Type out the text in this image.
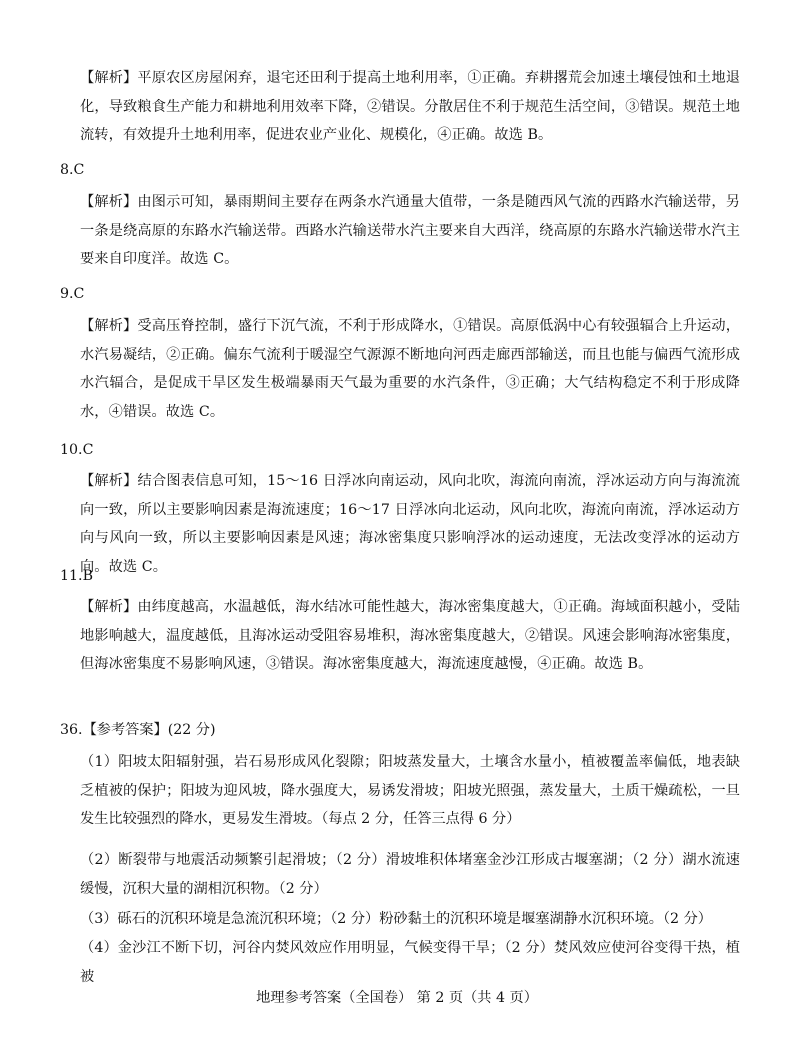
【解析】平原农区房屋闲弃，退宅还田利于提高土地利用率，①正确。弃耕撂荒会加速土壤侵蚀和土地退化，导致粮食生产能力和耕地利用效率下降，②错误。分散居住不利于规范生活空间，③错误。规范土地流转，有效提升土地利用率，促进农业产业化、规模化，④正确。故选 B。
8.C
【解析】由图示可知，暴雨期间主要存在两条水汽通量大值带，一条是随西风气流的西路水汽输送带，另一条是绕高原的东路水汽输送带。西路水汽输送带水汽主要来自大西洋，绕高原的东路水汽输送带水汽主要来自印度洋。故选 C。
9.C
【解析】受高压脊控制，盛行下沉气流，不利于形成降水，①错误。高原低涡中心有较强辐合上升运动，水汽易凝结，②正确。偏东气流利于暖湿空气源源不断地向河西走廊西部输送，而且也能与偏西气流形成水汽辐合，是促成干旱区发生极端暴雨天气最为重要的水汽条件，③正确；大气结构稳定不利于形成降水，④错误。故选 C。
10.C
【解析】结合图表信息可知，15～16 日浮冰向南运动，风向北吹，海流向南流，浮冰运动方向与海流流向一致，所以主要影响因素是海流速度；16～17 日浮冰向北运动，风向北吹，海流向南流，浮冰运动方向与风向一致，所以主要影响因素是风速；海冰密集度只影响浮冰的运动速度，无法改变浮冰的运动方向。故选 C。
11.B
【解析】由纬度越高，水温越低，海水结冰可能性越大，海冰密集度越大，①正确。海域面积越小，受陆地影响越大，温度越低，且海冰运动受阻容易堆积，海冰密集度越大，②错误。风速会影响海冰密集度，但海冰密集度不易影响风速，③错误。海冰密集度越大，海流速度越慢，④正确。故选 B。
36.【参考答案】(22 分)
（1）阳坡太阳辐射强，岩石易形成风化裂隙；阳坡蒸发量大，土壤含水量小，植被覆盖率偏低，地表缺乏植被的保护；阳坡为迎风坡，降水强度大，易诱发滑坡；阳坡光照强，蒸发量大，土质干燥疏松，一旦发生比较强烈的降水，更易发生滑坡。（每点 2 分，任答三点得 6 分）
（2）断裂带与地震活动频繁引起滑坡；（2 分）滑坡堆积体堵塞金沙江形成古堰塞湖；（2 分）湖水流速缓慢，沉积大量的湖相沉积物。（2 分）
（3）砾石的沉积环境是急流沉积环境；（2 分）粉砂黏土的沉积环境是堰塞湖静水沉积环境。（2 分）
（4）金沙江不断下切，河谷内焚风效应作用明显，气候变得干旱；（2 分）焚风效应使河谷变得干热，植被
地理参考答案（全国卷） 第 2 页（共 4 页）
